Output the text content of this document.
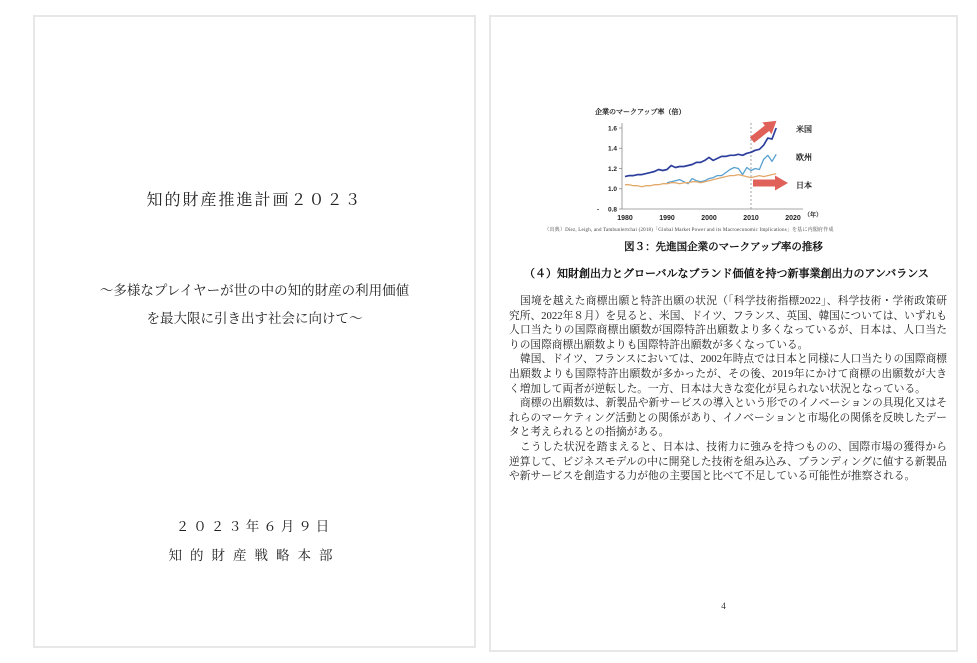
知的財産推進計画２０２３
～多様なプレイヤーが世の中の知的財産の利用価値
を最大限に引き出す社会に向けて～
２０２３年６月９日
知的財産戦略本部
企業のマークアップ率（倍）
1.6
1.4
1.2
1.0
0.8
-
1980	1990	2000	2010	2020 （年）
米国
欧州
日本
（出典）Díez, Leigh, and Tambunlertchai (2018)「Global Market Power and its Macroeconomic Implications」を基に内閣府作成
図３：先進国企業のマークアップ率の推移
（４）知財創出力とグローバルなブランド価値を持つ新事業創出力のアンバランス

国境を越えた商標出願と特許出願の状況（「科学技術指標2022」、科学技術・学術政策研究所、2022年８月）を見ると、米国、ドイツ、フランス、英国、韓国については、いずれも人口当たりの国際商標出願数が国際特許出願数より多くなっているが、日本は、人口当たりの国際商標出願数よりも国際特許出願数が多くなっている。

韓国、ドイツ、フランスにおいては、2002年時点では日本と同様に人口当たりの国際商標出願数よりも国際特許出願数が多かったが、その後、2019年にかけて商標の出願数が大きく増加して両者が逆転した。一方、日本は大きな変化が見られない状況となっている。

商標の出願数は、新製品や新サービスの導入という形でのイノベーションの具現化又はそれらのマーケティング活動との関係があり、イノベーションと市場化の関係を反映したデータと考えられるとの指摘がある。

こうした状況を踏まえると、日本は、技術力に強みを持つものの、国際市場の獲得から逆算して、ビジネスモデルの中に開発した技術を組み込み、ブランディングに値する新製品や新サービスを創造する力が他の主要国と比べて不足している可能性が推察される。

4
